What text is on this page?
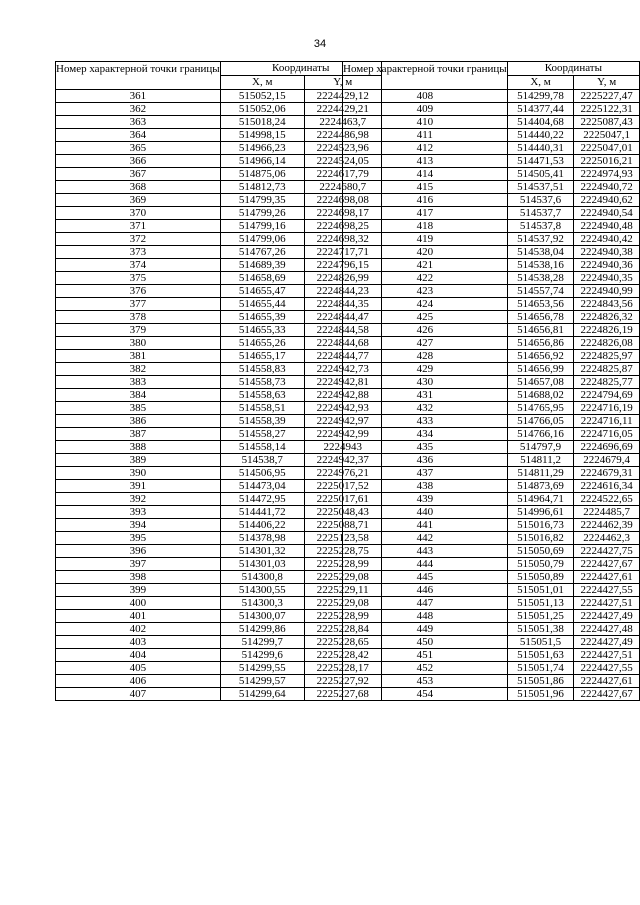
34
Номер характерной точки границы	Координаты	
	X, м	Y, м
361	515052,15	2224429,12
362	515052,06	2224429,21
363	515018,24	2224463,7
364	514998,15	2224486,98
365	514966,23	2224523,96
366	514966,14	2224524,05
367	514875,06	2224617,79
368	514812,73	2224680,7
369	514799,35	2224698,08
370	514799,26	2224698,17
371	514799,16	2224698,25
372	514799,06	2224698,32
373	514767,26	2224717,71
374	514689,39	2224796,15
375	514658,69	2224826,99
376	514655,47	2224844,23
377	514655,44	2224844,35
378	514655,39	2224844,47
379	514655,33	2224844,58
380	514655,26	2224844,68
381	514655,17	2224844,77
382	514558,83	2224942,73
383	514558,73	2224942,81
384	514558,63	2224942,88
385	514558,51	2224942,93
386	514558,39	2224942,97
387	514558,27	2224942,99
388	514558,14	2224943
389	514538,7	2224942,37
390	514506,95	2224976,21
391	514473,04	2225017,52
392	514472,95	2225017,61
393	514441,72	2225048,43
394	514406,22	2225088,71
395	514378,98	2225123,58
396	514301,32	2225228,75
397	514301,03	2225228,99
398	514300,8	2225229,08
399	514300,55	2225229,11
400	514300,3	2225229,08
401	514300,07	2225228,99
402	514299,86	2225228,84
403	514299,7	2225228,65
404	514299,6	2225228,42
405	514299,55	2225228,17
406	514299,57	2225227,92
407	514299,64	2225227,68
Номер характерной точки границы	Координаты	
	X, м	Y, м
408	514299,78	2225227,47
409	514377,44	2225122,31
410	514404,68	2225087,43
411	514440,22	2225047,1
412	514440,31	2225047,01
413	514471,53	2225016,21
414	514505,41	2224974,93
415	514537,51	2224940,72
416	514537,6	2224940,62
417	514537,7	2224940,54
418	514537,8	2224940,48
419	514537,92	2224940,42
420	514538,04	2224940,38
421	514538,16	2224940,36
422	514538,28	2224940,35
423	514557,74	2224940,99
424	514653,56	2224843,56
425	514656,78	2224826,32
426	514656,81	2224826,19
427	514656,86	2224826,08
428	514656,92	2224825,97
429	514656,99	2224825,87
430	514657,08	2224825,77
431	514688,02	2224794,69
432	514765,95	2224716,19
433	514766,05	2224716,11
434	514766,16	2224716,05
435	514797,9	2224696,69
436	514811,2	2224679,4
437	514811,29	2224679,31
438	514873,69	2224616,34
439	514964,71	2224522,65
440	514996,61	2224485,7
441	515016,73	2224462,39
442	515016,82	2224462,3
443	515050,69	2224427,75
444	515050,79	2224427,67
445	515050,89	2224427,61
446	515051,01	2224427,55
447	515051,13	2224427,51
448	515051,25	2224427,49
449	515051,38	2224427,48
450	515051,5	2224427,49
451	515051,63	2224427,51
452	515051,74	2224427,55
453	515051,86	2224427,61
454	515051,96	2224427,67
